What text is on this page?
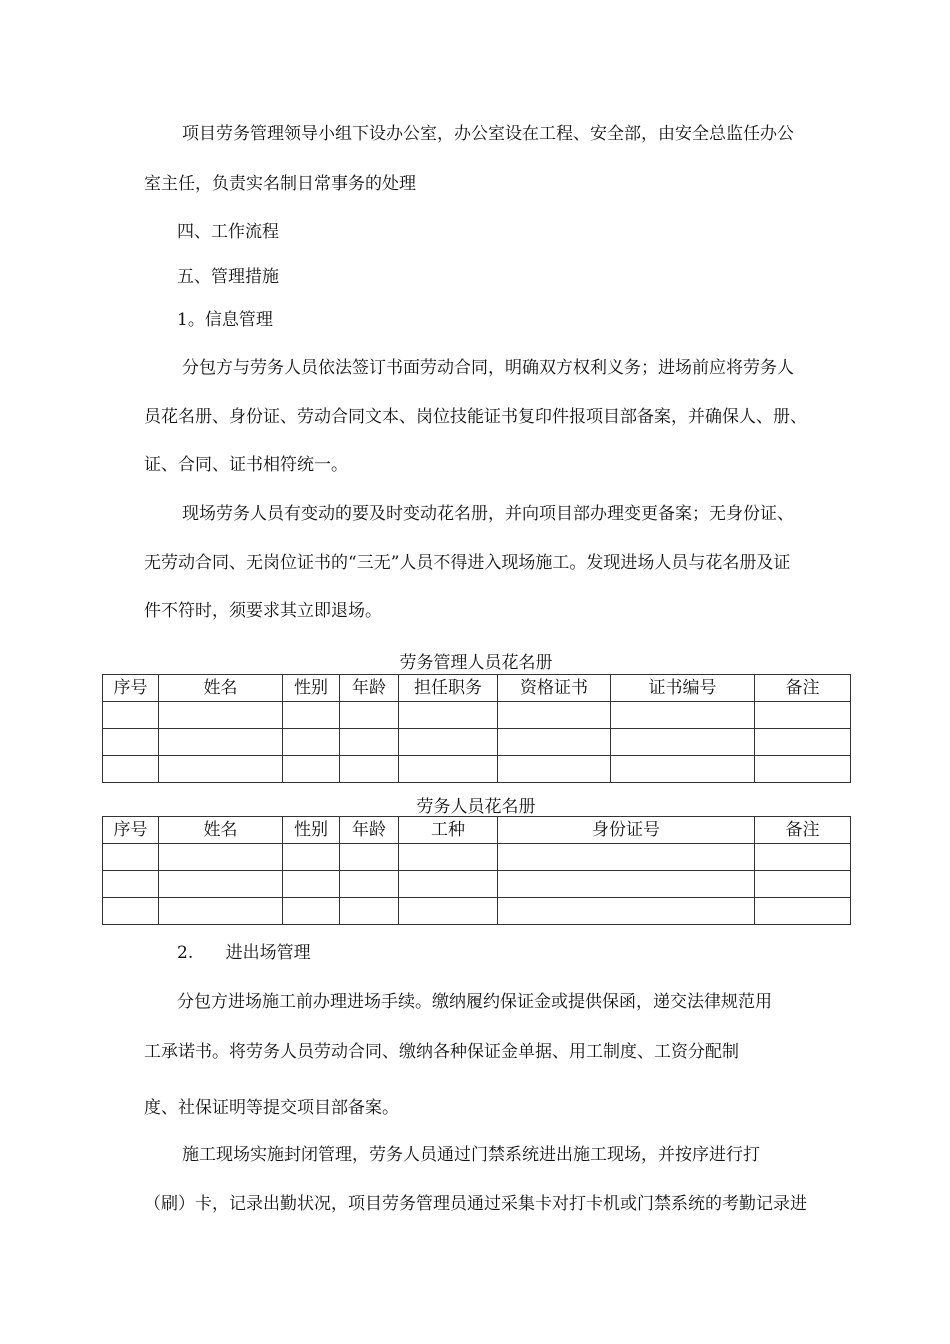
项目劳务管理领导小组下设办公室，办公室设在工程、安全部，由安全总监任办公
室主任，负责实名制日常事务的处理
四、工作流程
五、管理措施
1。信息管理
分包方与劳务人员依法签订书面劳动合同，明确双方权利义务；进场前应将劳务人
员花名册、身份证、劳动合同文本、岗位技能证书复印件报项目部备案，并确保人、册、
证、合同、证书相符统一。
现场劳务人员有变动的要及时变动花名册，并向项目部办理变更备案；无身份证、
无劳动合同、无岗位证书的“三无”人员不得进入现场施工。发现进场人员与花名册及证
件不符时，须要求其立即退场。
劳务管理人员花名册
序号	姓名	性别	年龄	担任职务	资格证书	证书编号	备注

劳务人员花名册
序号	姓名	性别	年龄	工种	身份证号	备注

2.      进出场管理
分包方进场施工前办理进场手续。缴纳履约保证金或提供保函，递交法律规范用
工承诺书。将劳务人员劳动合同、缴纳各种保证金单据、用工制度、工资分配制
度、社保证明等提交项目部备案。
施工现场实施封闭管理，劳务人员通过门禁系统进出施工现场，并按序进行打
（刷）卡，记录出勤状况，项目劳务管理员通过采集卡对打卡机或门禁系统的考勤记录进
